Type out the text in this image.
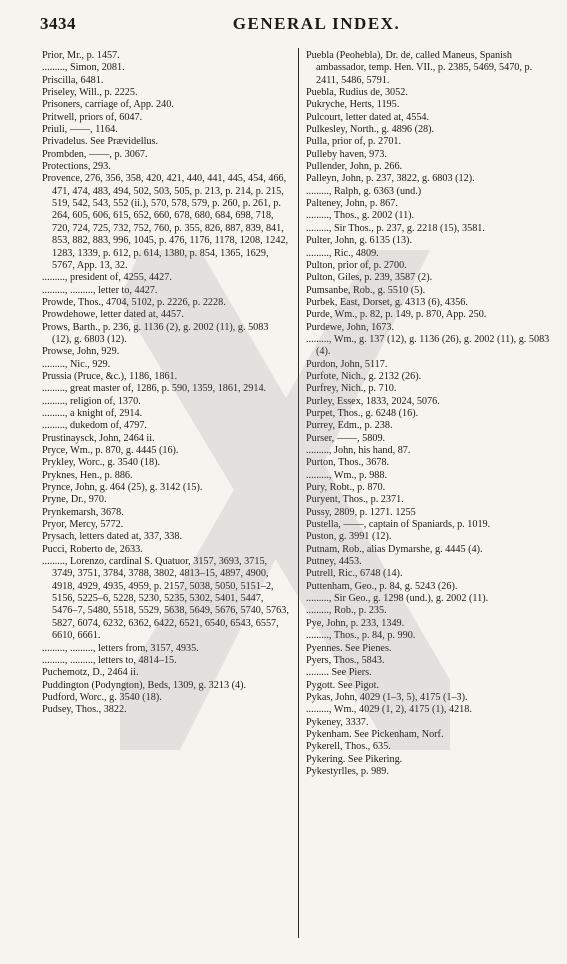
3434	GENERAL INDEX.
Prior, Mr., p. 1457.
........., Simon, 2081.
Priscilla, 6481.
Priseley, Will., p. 2225.
Prisoners, carriage of, App. 240.
Pritwell, priors of, 6047.
Priuli, ——, 1164.
Privadelus. See Prævidellus.
Prombden, ——, p. 3067.
Protections, 293.
Provence, 276, 356, 358, 420, 421, 440, 441, 445, 454, 466, 471, 474, 483, 494, 502, 503, 505, p. 213, p. 214, p. 215, 519, 542, 543, 552 (ii.), 570, 578, 579, p. 260, p. 261, p. 264, 605, 606, 615, 652, 660, 678, 680, 684, 698, 718, 720, 724, 725, 732, 752, 760, p. 355, 826, 887, 839, 841, 853, 882, 883, 996, 1045, p. 476, 1176, 1178, 1208, 1242, 1283, 1339, p. 612, p. 614, 1380, p. 854, 1365, 1629, 5767, App. 13, 32.
........., president of, 4255, 4427.
........., ........., letter to, 4427.
Prowde, Thos., 4704, 5102, p. 2226, p. 2228.
Prowdehowe, letter dated at, 4457.
Prows, Barth., p. 236, g. 1136 (2), g. 2002 (11), g. 5083 (12), g. 6803 (12).
Prowse, John, 929.
........., Nic., 929.
Prussia (Pruce, &c.), 1186, 1861.
........., great master of, 1286, p. 590, 1359, 1861, 2914.
........., religion of, 1370.
........., a knight of, 2914.
........., dukedom of, 4797.
Prustinaysck, John, 2464 ii.
Pryce, Wm., p. 870, g. 4445 (16).
Prykley, Worc., g. 3540 (18).
Pryknes, Hen., p. 886.
Prynce, John, g. 464 (25), g. 3142 (15).
Pryne, Dr., 970.
Prynkemarsh, 3678.
Pryor, Mercy, 5772.
Prysach, letters dated at, 337, 338.
Pucci, Roberto de, 2633.
........., Lorenzo, cardinal S. Quatuor, 3157, 3693, 3715, 3749, 3751, 3784, 3788, 3802, 4813–15, 4897, 4900, 4918, 4929, 4935, 4959, p. 2157, 5038, 5050, 5151–2, 5156, 5225–6, 5228, 5230, 5235, 5302, 5401, 5447, 5476–7, 5480, 5518, 5529, 5638, 5649, 5676, 5740, 5763, 5827, 6074, 6232, 6362, 6422, 6521, 6540, 6543, 6557, 6610, 6661.
........., ........., letters from, 3157, 4935.
........., ........., letters to, 4814–15.
Puchemotz, D., 2464 ii.
Puddington (Podyngton), Beds, 1309, g. 3213 (4).
Pudford, Worc., g. 3540 (18).
Pudsey, Thos., 3822.
Puebla (Peohebla), Dr. de, called Maneus, Spanish ambassador, temp. Hen. VII., p. 2385, 5469, 5470, p. 2411, 5486, 5791.
Puebla, Rudius de, 3052.
Pukryche, Herts, 1195.
Pulcourt, letter dated at, 4554.
Pulkesley, North., g. 4896 (28).
Pulla, prior of, p. 2701.
Pulleby haven, 973.
Pullender, John, p. 266.
Palleyn, John, p. 237, 3822, g. 6803 (12).
........., Ralph, g. 6363 (und.)
Palteney, John, p. 867.
........., Thos., g. 2002 (11).
........., Sir Thos., p. 237, g. 2218 (15), 3581.
Pulter, John, g. 6135 (13).
........., Ric., 4809.
Pulton, prior of, p. 2700.
Pulton, Giles, p. 239, 3587 (2).
Pumsanbe, Rob., g. 5510 (5).
Purbek, East, Dorset, g. 4313 (6), 4356.
Purde, Wm., p. 82, p. 149, p. 870, App. 250.
Purdewe, John, 1673.
........., Wm., g. 137 (12), g. 1136 (26), g. 2002 (11), g. 5083 (4).
Purdon, John, 5117.
Purfote, Nich., g. 2132 (26).
Purfrey, Nich., p. 710.
Purley, Essex, 1833, 2024, 5076.
Purpet, Thos., g. 6248 (16).
Purrey, Edm., p. 238.
Purser, ——, 5809.
........., John, his hand, 87.
Purton, Thos., 3678.
........., Wm., p. 988.
Pury, Robt., p. 870.
Puryent, Thos., p. 2371.
Pussy, 2809, p. 1271. 1255
Pustella, ——, captain of Spaniards, p. 1019.
Puston, g. 3991 (12).
Putnam, Rob., alias Dymarshe, g. 4445 (4).
Putney, 4453.
Putrell, Ric., 6748 (14).
Puttenham, Geo., p. 84, g. 5243 (26).
........., Sir Geo., g. 1298 (und.), g. 2002 (11).
........., Rob., p. 235.
Pye, John, p. 233, 1349.
........., Thos., p. 84, p. 990.
Pyennes. See Pienes.
Pyers, Thos., 5843.
......... See Piers.
Pygott. See Pigot.
Pykas, John, 4029 (1–3, 5), 4175 (1–3).
........., Wm., 4029 (1, 2), 4175 (1), 4218.
Pykeney, 3337.
Pykenham. See Pickenham, Norf.
Pykerell, Thos., 635.
Pykering. See Pikering.
Pykestyrlles, p. 989.
